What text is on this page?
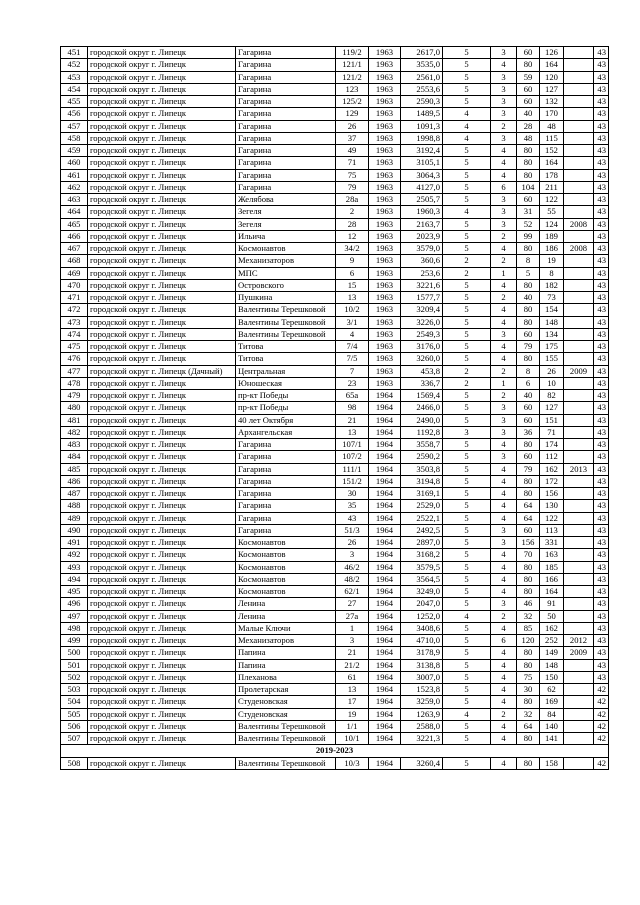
451	городской округ г. Липецк	Гагарина	119/2	1963	2617,0	5	3	60	126		43
452	городской округ г. Липецк	Гагарина	121/1	1963	3535,0	5	4	80	164		43
453	городской округ г. Липецк	Гагарина	121/2	1963	2561,0	5	3	59	120		43
454	городской округ г. Липецк	Гагарина	123	1963	2553,6	5	3	60	127		43
455	городской округ г. Липецк	Гагарина	125/2	1963	2590,3	5	3	60	132		43
456	городской округ г. Липецк	Гагарина	129	1963	1489,5	4	3	40	170		43
457	городской округ г. Липецк	Гагарина	26	1963	1091,3	4	2	28	48		43
458	городской округ г. Липецк	Гагарина	37	1963	1998,8	4	3	48	115		43
459	городской округ г. Липецк	Гагарина	49	1963	3192,4	5	4	80	152		43
460	городской округ г. Липецк	Гагарина	71	1963	3105,1	5	4	80	164		43
461	городской округ г. Липецк	Гагарина	75	1963	3064,3	5	4	80	178		43
462	городской округ г. Липецк	Гагарина	79	1963	4127,0	5	6	104	211		43
463	городской округ г. Липецк	Желябова	28a	1963	2505,7	5	3	60	122		43
464	городской округ г. Липецк	Зегеля	2	1963	1960,3	4	3	31	55		43
465	городской округ г. Липецк	Зегеля	28	1963	2163,7	5	3	52	124	2008	43
466	городской округ г. Липецк	Ильича	12	1963	2023,9	5	2	99	189		43
467	городской округ г. Липецк	Космонавтов	34/2	1963	3579,0	5	4	80	186	2008	43
468	городской округ г. Липецк	Механизаторов	9	1963	360,6	2	2	8	19		43
469	городской округ г. Липецк	МПС	6	1963	253,6	2	1	5	8		43
470	городской округ г. Липецк	Островского	15	1963	3221,6	5	4	80	182		43
471	городской округ г. Липецк	Пушкина	13	1963	1577,7	5	2	40	73		43
472	городской округ г. Липецк	Валентины Терешковой	10/2	1963	3209,4	5	4	80	154		43
473	городской округ г. Липецк	Валентины Терешковой	3/1	1963	3226,0	5	4	80	148		43
474	городской округ г. Липецк	Валентины Терешковой	4	1963	2549,3	5	3	60	134		43
475	городской округ г. Липецк	Титова	7/4	1963	3176,0	5	4	79	175		43
476	городской округ г. Липецк	Титова	7/5	1963	3260,0	5	4	80	155		43
477	городской округ г. Липецк (Дачный)	Центральная	7	1963	453,8	2	2	8	26	2009	43
478	городской округ г. Липецк	Юношеская	23	1963	336,7	2	1	6	10		43
479	городской округ г. Липецк	пр-кт Победы	65а	1964	1569,4	5	2	40	82		43
480	городской округ г. Липецк	пр-кт Победы	98	1964	2466,0	5	3	60	127		43
481	городской округ г. Липецк	40 лет Октября	21	1964	2490,0	5	3	60	151		43
482	городской округ г. Липецк	Архангельская	13	1964	1192,8	3	3	36	71		43
483	городской округ г. Липецк	Гагарина	107/1	1964	3558,7	5	4	80	174		43
484	городской округ г. Липецк	Гагарина	107/2	1964	2590,2	5	3	60	112		43
485	городской округ г. Липецк	Гагарина	111/1	1964	3503,8	5	4	79	162	2013	43
486	городской округ г. Липецк	Гагарина	151/2	1964	3194,8	5	4	80	172		43
487	городской округ г. Липецк	Гагарина	30	1964	3169,1	5	4	80	156		43
488	городской округ г. Липецк	Гагарина	35	1964	2529,0	5	4	64	130		43
489	городской округ г. Липецк	Гагарина	43	1964	2522,1	5	4	64	122		43
490	городской округ г. Липецк	Гагарина	51/3	1964	2492,5	5	3	60	113		43
491	городской округ г. Липецк	Космонавтов	26	1964	2897,0	5	3	156	331		43
492	городской округ г. Липецк	Космонавтов	3	1964	3168,2	5	4	70	163		43
493	городской округ г. Липецк	Космонавтов	46/2	1964	3579,5	5	4	80	185		43
494	городской округ г. Липецк	Космонавтов	48/2	1964	3564,5	5	4	80	166		43
495	городской округ г. Липецк	Космонавтов	62/1	1964	3249,0	5	4	80	164		43
496	городской округ г. Липецк	Ленина	27	1964	2047,0	5	3	46	91		43
497	городской округ г. Липецк	Ленина	27а	1964	1252,0	4	2	32	50		43
498	городской округ г. Липецк	Малые Ключи	1	1964	3408,6	5	4	85	162		43
499	городской округ г. Липецк	Механизаторов	3	1964	4710,0	5	6	120	252	2012	43
500	городской округ г. Липецк	Папина	21	1964	3178,9	5	4	80	149	2009	43
501	городской округ г. Липецк	Папина	21/2	1964	3138,8	5	4	80	148		43
502	городской округ г. Липецк	Плеханова	61	1964	3007,0	5	4	75	150		43
503	городской округ г. Липецк	Пролетарская	13	1964	1523,8	5	4	30	62		42
504	городской округ г. Липецк	Студеновская	17	1964	3259,0	5	4	80	169		42
505	городской округ г. Липецк	Студеновская	19	1964	1263,9	4	2	32	84		42
506	городской округ г. Липецк	Валентины Терешковой	1/1	1964	2588,0	5	4	64	140		42
507	городской округ г. Липецк	Валентины Терешковой	10/1	1964	3221,3	5	4	80	141		42
2019-2023											
508	городской округ г. Липецк	Валентины Терешковой	10/3	1964	3260,4	5	4	80	158		42
